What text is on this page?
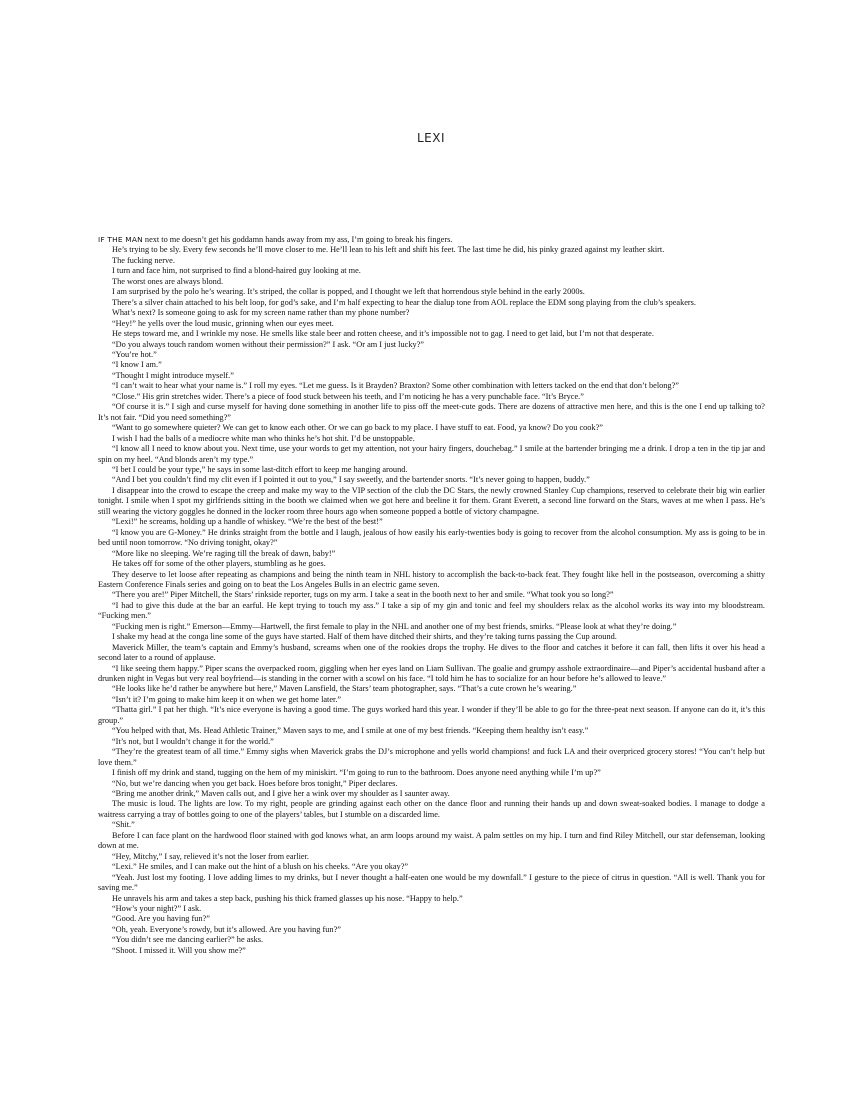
LEXI

IF THE MAN next to me doesn’t get his goddamn hands away from my ass, I’m going to break his fingers.

He’s trying to be sly. Every few seconds he’ll move closer to me. He’ll lean to his left and shift his feet. The last time he did, his pinky grazed against my leather skirt.

The fucking nerve.

I turn and face him, not surprised to find a blond-haired guy looking at me.

The worst ones are always blond.

I am surprised by the polo he’s wearing. It’s striped, the collar is popped, and I thought we left that horrendous style behind in the early 2000s.

There’s a silver chain attached to his belt loop, for god’s sake, and I’m half expecting to hear the dialup tone from AOL replace the EDM song playing from the club’s speakers.

What’s next? Is someone going to ask for my screen name rather than my phone number?

“Hey!” he yells over the loud music, grinning when our eyes meet.

He steps toward me, and I wrinkle my nose. He smells like stale beer and rotten cheese, and it’s impossible not to gag. I need to get laid, but I’m not that desperate.

“Do you always touch random women without their permission?” I ask. “Or am I just lucky?”

“You’re hot.”

“I know I am.”

“Thought I might introduce myself.”

“I can’t wait to hear what your name is.” I roll my eyes. “Let me guess. Is it Brayden? Braxton? Some other combination with letters tacked on the end that don’t belong?”

“Close.” His grin stretches wider. There’s a piece of food stuck between his teeth, and I’m noticing he has a very punchable face. “It’s Bryce.”

“Of course it is.” I sigh and curse myself for having done something in another life to piss off the meet-cute gods. There are dozens of attractive men here, and this is the one I end up talking to? It’s not fair. “Did you need something?”

“Want to go somewhere quieter? We can get to know each other. Or we can go back to my place. I have stuff to eat. Food, ya know? Do you cook?”

I wish I had the balls of a mediocre white man who thinks he’s hot shit. I’d be unstoppable.

“I know all I need to know about you. Next time, use your words to get my attention, not your hairy fingers, douchebag.” I smile at the bartender bringing me a drink. I drop a ten in the tip jar and spin on my heel. “And blonds aren’t my type.”

“I bet I could be your type,” he says in some last-ditch effort to keep me hanging around.

“And I bet you couldn’t find my clit even if I pointed it out to you,” I say sweetly, and the bartender snorts. “It’s never going to happen, buddy.”

I disappear into the crowd to escape the creep and make my way to the VIP section of the club the DC Stars, the newly crowned Stanley Cup champions, reserved to celebrate their big win earlier tonight. I smile when I spot my girlfriends sitting in the booth we claimed when we got here and beeline it for them. Grant Everett, a second line forward on the Stars, waves at me when I pass. He’s still wearing the victory goggles he donned in the locker room three hours ago when someone popped a bottle of victory champagne.

“Lexi!” he screams, holding up a handle of whiskey. “We’re the best of the best!”

“I know you are G-Money.” He drinks straight from the bottle and I laugh, jealous of how easily his early-twenties body is going to recover from the alcohol consumption. My ass is going to be in bed until noon tomorrow. “No driving tonight, okay?”

“More like no sleeping. We’re raging till the break of dawn, baby!”

He takes off for some of the other players, stumbling as he goes.

They deserve to let loose after repeating as champions and being the ninth team in NHL history to accomplish the back-to-back feat. They fought like hell in the postseason, overcoming a shitty Eastern Conference Finals series and going on to beat the Los Angeles Bulls in an electric game seven.

“There you are!” Piper Mitchell, the Stars’ rinkside reporter, tugs on my arm. I take a seat in the booth next to her and smile. “What took you so long?”

“I had to give this dude at the bar an earful. He kept trying to touch my ass.” I take a sip of my gin and tonic and feel my shoulders relax as the alcohol works its way into my bloodstream. “Fucking men.”

“Fucking men is right.” Emerson—Emmy—Hartwell, the first female to play in the NHL and another one of my best friends, smirks. “Please look at what they’re doing.”

I shake my head at the conga line some of the guys have started. Half of them have ditched their shirts, and they’re taking turns passing the Cup around.

Maverick Miller, the team’s captain and Emmy’s husband, screams when one of the rookies drops the trophy. He dives to the floor and catches it before it can fall, then lifts it over his head a second later to a round of applause.

“I like seeing them happy.” Piper scans the overpacked room, giggling when her eyes land on Liam Sullivan. The goalie and grumpy asshole extraordinaire—and Piper’s accidental husband after a drunken night in Vegas but very real boyfriend—is standing in the corner with a scowl on his face. “I told him he has to socialize for an hour before he’s allowed to leave.”

“He looks like he’d rather be anywhere but here,” Maven Lansfield, the Stars’ team photographer, says. “That’s a cute crown he’s wearing.”

“Isn’t it? I’m going to make him keep it on when we get home later.”

“Thatta girl.” I pat her thigh. “It’s nice everyone is having a good time. The guys worked hard this year. I wonder if they’ll be able to go for the three-peat next season. If anyone can do it, it’s this group.”

“You helped with that, Ms. Head Athletic Trainer,” Maven says to me, and I smile at one of my best friends. “Keeping them healthy isn’t easy.”

“It’s not, but I wouldn’t change it for the world.”

“They’re the greatest team of all time.” Emmy sighs when Maverick grabs the DJ’s microphone and yells world champions! and fuck LA and their overpriced grocery stores! “You can’t help but love them.”

I finish off my drink and stand, tugging on the hem of my miniskirt. “I’m going to run to the bathroom. Does anyone need anything while I’m up?”

“No, but we’re dancing when you get back. Hoes before bros tonight,” Piper declares.

“Bring me another drink,” Maven calls out, and I give her a wink over my shoulder as I saunter away.

The music is loud. The lights are low. To my right, people are grinding against each other on the dance floor and running their hands up and down sweat-soaked bodies. I manage to dodge a waitress carrying a tray of bottles going to one of the players’ tables, but I stumble on a discarded lime.

“Shit.”

Before I can face plant on the hardwood floor stained with god knows what, an arm loops around my waist. A palm settles on my hip. I turn and find Riley Mitchell, our star defenseman, looking down at me.

“Hey, Mitchy,” I say, relieved it’s not the loser from earlier.

“Lexi.” He smiles, and I can make out the hint of a blush on his cheeks. “Are you okay?”

“Yeah. Just lost my footing. I love adding limes to my drinks, but I never thought a half-eaten one would be my downfall.” I gesture to the piece of citrus in question. “All is well. Thank you for saving me.”

He unravels his arm and takes a step back, pushing his thick framed glasses up his nose. “Happy to help.”

“How’s your night?” I ask.

“Good. Are you having fun?”

“Oh, yeah. Everyone’s rowdy, but it’s allowed. Are you having fun?”

“You didn’t see me dancing earlier?” he asks.

“Shoot. I missed it. Will you show me?”
